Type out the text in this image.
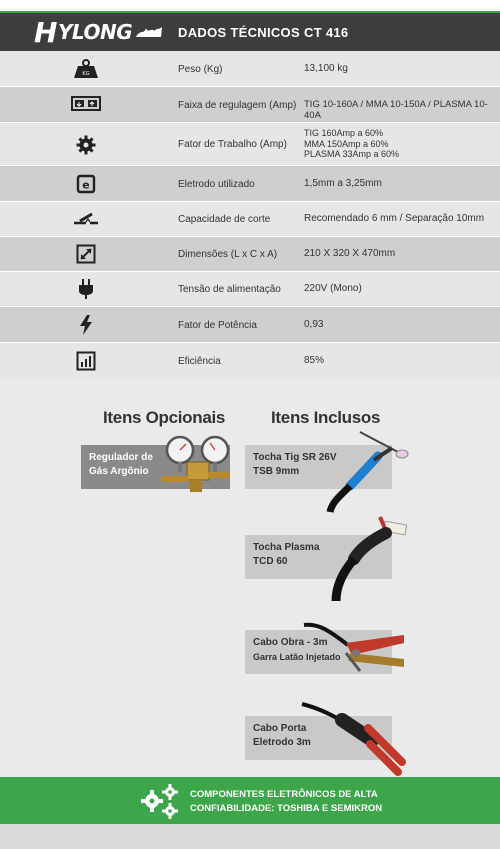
H YLONG	DADOS TÉCNICOS CT 416
KG	Peso (Kg)	13,100 kg
Faixa de regulagem (Amp) TIG 10-160A / MMA 10-150A / PLASMA 10-40A
Fator de Trabalho (Amp)
TIG 160Amp a 60%
MMA 150Amp a 60%
PLASMA 33Amp a 60%
e	Eletrodo utilizado	1,5mm a 3,25mm
Capacidade de corte	Recomendado 6 mm / Separação 10mm
Dimensões (L x C x A)	210 X 320 X 470mm
Tensão de alimentação 220V (Mono)
Fator de Potência	0,93
Eficiência	85%
Itens Opcionais	Itens Inclusos
Regulador de
Gás Argônio
Tocha Tig SR 26V
TSB 9mm
Tocha Plasma
TCD 60
Cabo Obra - 3m
Garra Latão Injetado
Cabo Porta
Eletrodo 3m
COMPONENTES ELETRÔNICOS DE ALTA
CONFIABILIDADE: TOSHIBA E SEMIKRON
